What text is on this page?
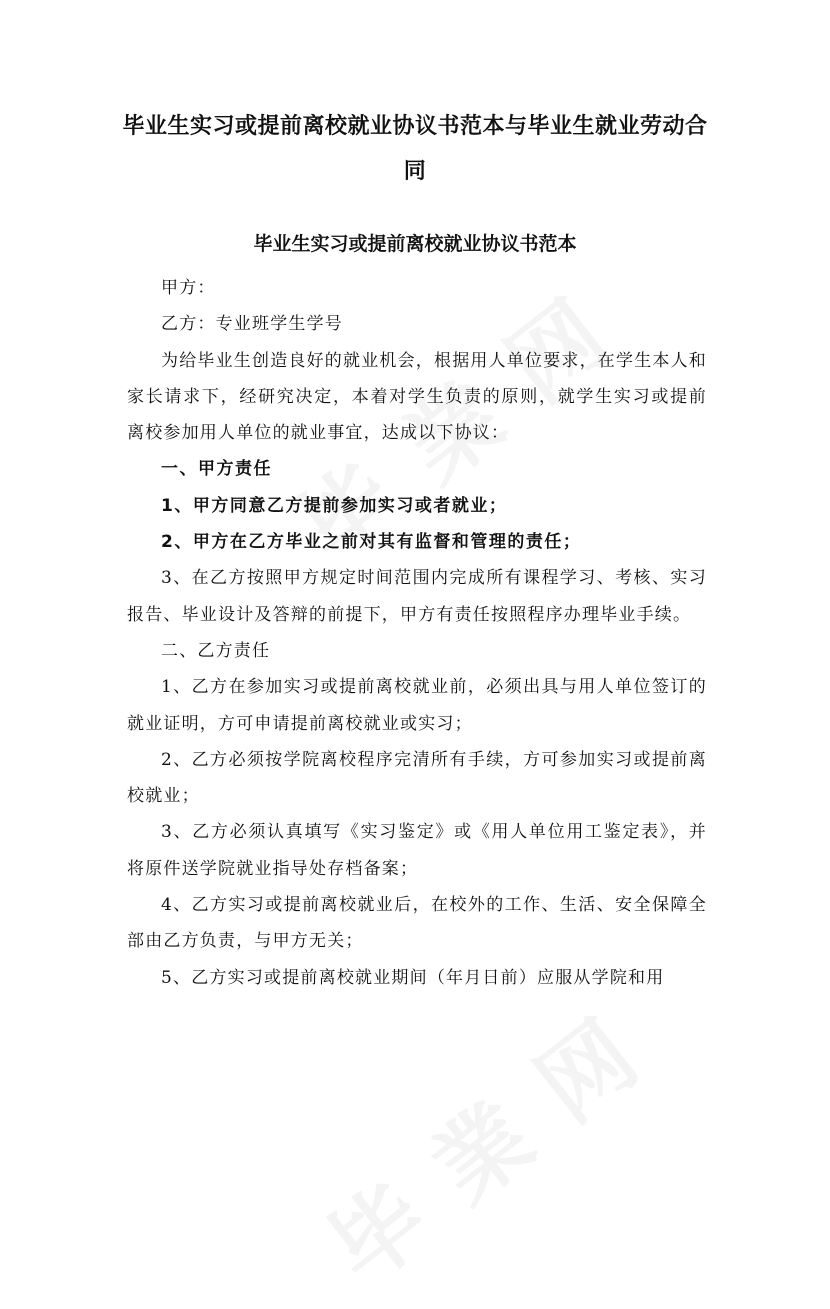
毕业生实习或提前离校就业协议书范本与毕业生就业劳动合同
毕业生实习或提前离校就业协议书范本

甲方：

乙方：专业班学生学号

为给毕业生创造良好的就业机会，根据用人单位要求，在学生本人和家长请求下，经研究决定，本着对学生负责的原则，就学生实习或提前离校参加用人单位的就业事宜，达成以下协议：

一、甲方责任

1、甲方同意乙方提前参加实习或者就业；

2、甲方在乙方毕业之前对其有监督和管理的责任；

3、在乙方按照甲方规定时间范围内完成所有课程学习、考核、实习报告、毕业设计及答辩的前提下，甲方有责任按照程序办理毕业手续。

二、乙方责任

1、乙方在参加实习或提前离校就业前，必须出具与用人单位签订的就业证明，方可申请提前离校就业或实习；

2、乙方必须按学院离校程序完清所有手续，方可参加实习或提前离校就业；

3、乙方必须认真填写《实习鉴定》或《用人单位用工鉴定表》，并将原件送学院就业指导处存档备案；

4、乙方实习或提前离校就业后，在校外的工作、生活、安全保障全部由乙方负责，与甲方无关；

5、乙方实习或提前离校就业期间（年月日前）应服从学院和用
